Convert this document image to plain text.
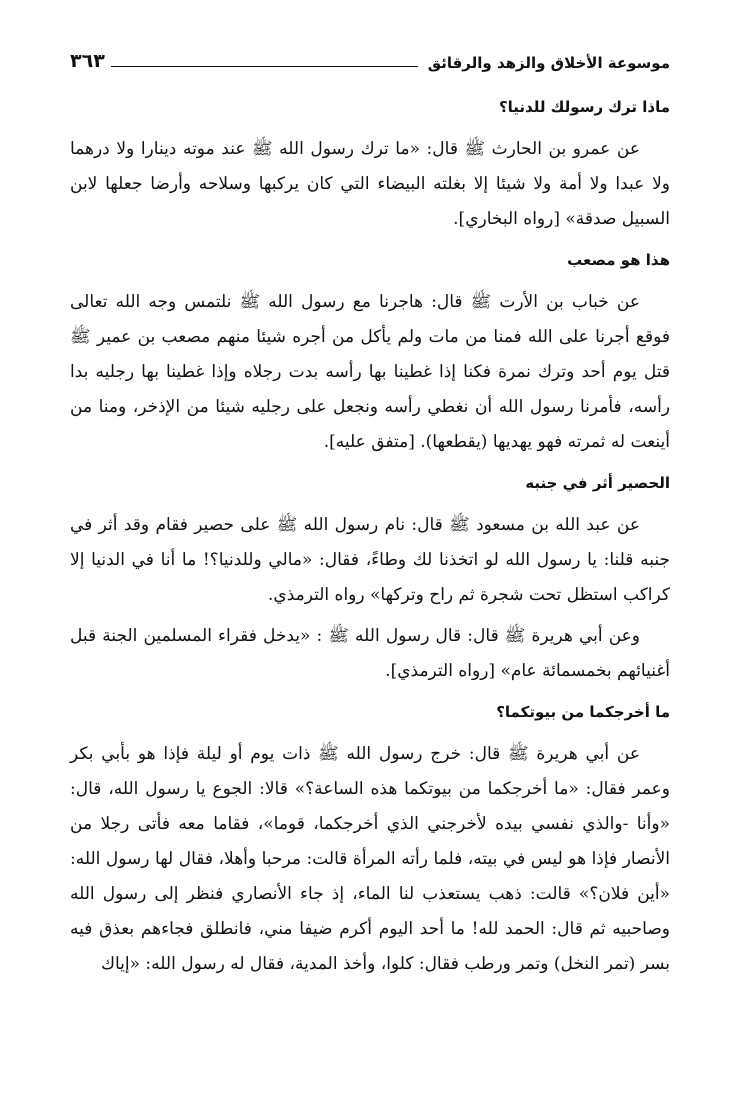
موسوعة الأخلاق والزهد والرقائق
٣٦٣
ماذا ترك رسولك للدنيا؟

عن عمرو بن الحارث ﷺ قال: «ما ترك رسول الله ﷺ عند موته دينارا ولا درهما ولا عبدا ولا أمة ولا شيئا إلا بغلته البيضاء التي كان يركبها وسلاحه وأرضا جعلها لابن السبيل صدقة» [رواه البخاري].

هذا هو مصعب

عن خباب بن الأرت ﷺ قال: هاجرنا مع رسول الله ﷺ نلتمس وجه الله تعالى فوقع أجرنا على الله فمنا من مات ولم يأكل من أجره شيئا منهم مصعب بن عمير ﷺ قتل يوم أحد وترك نمرة فكنا إذا غطينا بها رأسه بدت رجلاه وإذا غطينا بها رجليه بدا رأسه، فأمرنا رسول الله أن نغطي رأسه ونجعل على رجليه شيئا من الإذخر، ومنا من أينعت له ثمرته فهو يهديها (يقطعها). [متفق عليه].

الحصير أثر في جنبه

عن عبد الله بن مسعود ﷺ قال: نام رسول الله ﷺ على حصير فقام وقد أثر في جنبه قلنا: يا رسول الله لو اتخذنا لك وطاءً، فقال: «مالي وللدنيا؟! ما أنا في الدنيا إلا كراكب استظل تحت شجرة ثم راح وتركها» رواه الترمذي.

وعن أبي هريرة ﷺ قال: قال رسول الله ﷺ : «يدخل فقراء المسلمين الجنة قبل أغنيائهم بخمسمائة عام» [رواه الترمذي].

ما أخرجكما من بيوتكما؟

عن أبي هريرة ﷺ قال: خرج رسول الله ﷺ ذات يوم أو ليلة فإذا هو بأبي بكر وعمر فقال: «ما أخرجكما من بيوتكما هذه الساعة؟» قالا: الجوع يا رسول الله، قال: «وأنا -والذي نفسي بيده لأخرجني الذي أخرجكما، قوما»، فقاما معه فأتى رجلا من الأنصار فإذا هو ليس في بيته، فلما رأته المرأة قالت: مرحبا وأهلا، فقال لها رسول الله: «أين فلان؟» قالت: ذهب يستعذب لنا الماء، إذ جاء الأنصاري فنظر إلى رسول الله وصاحبيه ثم قال: الحمد لله! ما أحد اليوم أكرم ضيفا مني، فانطلق فجاءهم بعذق فيه بسر (تمر النخل) وتمر ورطب فقال: كلوا، وأخذ المدية، فقال له رسول الله: «إياك
